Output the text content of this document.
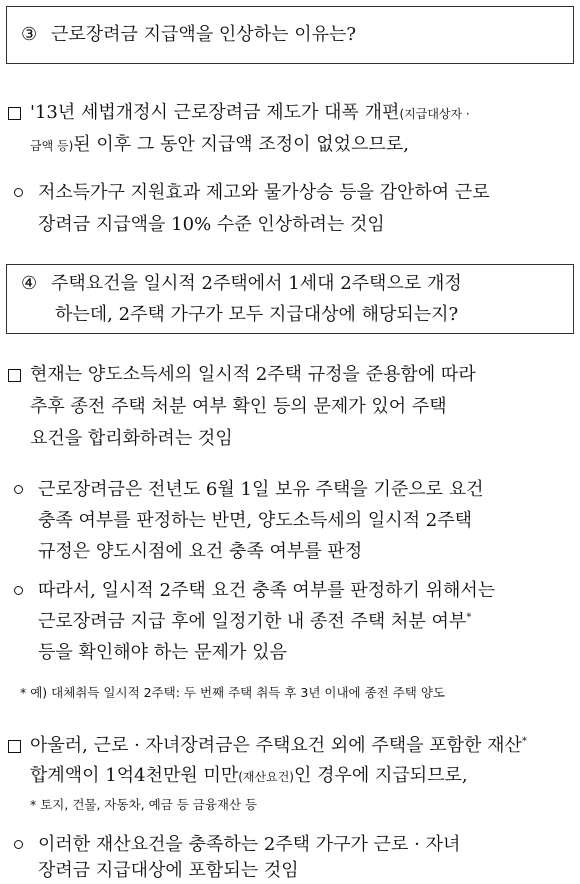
③ 근로장려금 지급액을 인상하는 이유는?
'13년 세법개정시 근로장려금 제도가 대폭 개편(지급대상자 ·
금액 등)된 이후 그 동안 지급액 조정이 없었으므로,
저소득가구 지원효과 제고와 물가상승 등을 감안하여 근로
장려금 지급액을 10% 수준 인상하려는 것임
④ 주택요건을 일시적 2주택에서 1세대 2주택으로 개정
하는데, 2주택 가구가 모두 지급대상에 해당되는지?
현재는 양도소득세의 일시적 2주택 규정을 준용함에 따라
추후 종전 주택 처분 여부 확인 등의 문제가 있어 주택
요건을 합리화하려는 것임
근로장려금은 전년도 6월 1일 보유 주택을 기준으로 요건
충족 여부를 판정하는 반면, 양도소득세의 일시적 2주택
규정은 양도시점에 요건 충족 여부를 판정
따라서, 일시적 2주택 요건 충족 여부를 판정하기 위해서는
근로장려금 지급 후에 일정기한 내 종전 주택 처분 여부*
등을 확인해야 하는 문제가 있음
* 예) 대체취득 일시적 2주택: 두 번째 주택 취득 후 3년 이내에 종전 주택 양도
아울러, 근로 · 자녀장려금은 주택요건 외에 주택을 포함한 재산*
합계액이 1억4천만원 미만(재산요건)인 경우에 지급되므로,
* 토지, 건물, 자동차, 예금 등 금융재산 등
이러한 재산요건을 충족하는 2주택 가구가 근로 · 자녀
장려금 지급대상에 포함되는 것임
